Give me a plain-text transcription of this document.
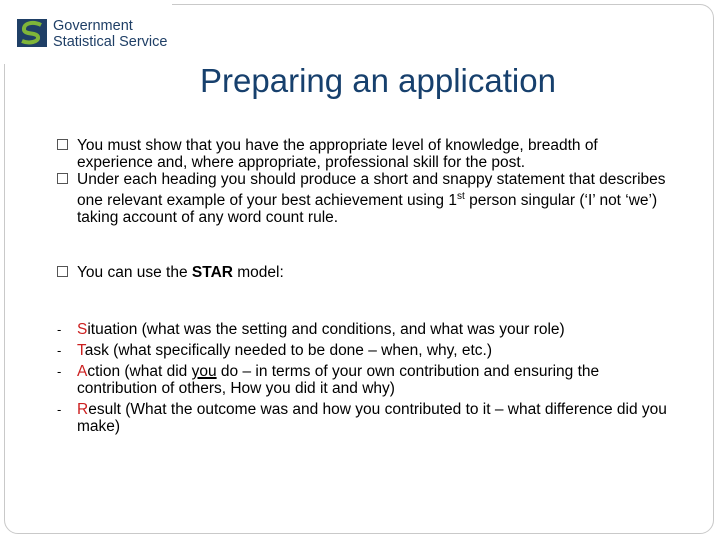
Government
Statistical Service
Preparing an application
You must show that you have the appropriate level of knowledge, breadth of experience and, where appropriate, professional skill for the post.
Under each heading you should produce a short and snappy statement that describes one relevant example of your best achievement using 1st person singular (‘I’ not ‘we’) taking account of any word count rule.
You can use the STAR model:
- Situation (what was the setting and conditions, and what was your role)
- Task (what specifically needed to be done – when, why, etc.)
- Action (what did you do – in terms of your own contribution and ensuring the contribution of others, How you did it and why)
- Result (What the outcome was and how you contributed to it – what difference did you make)
